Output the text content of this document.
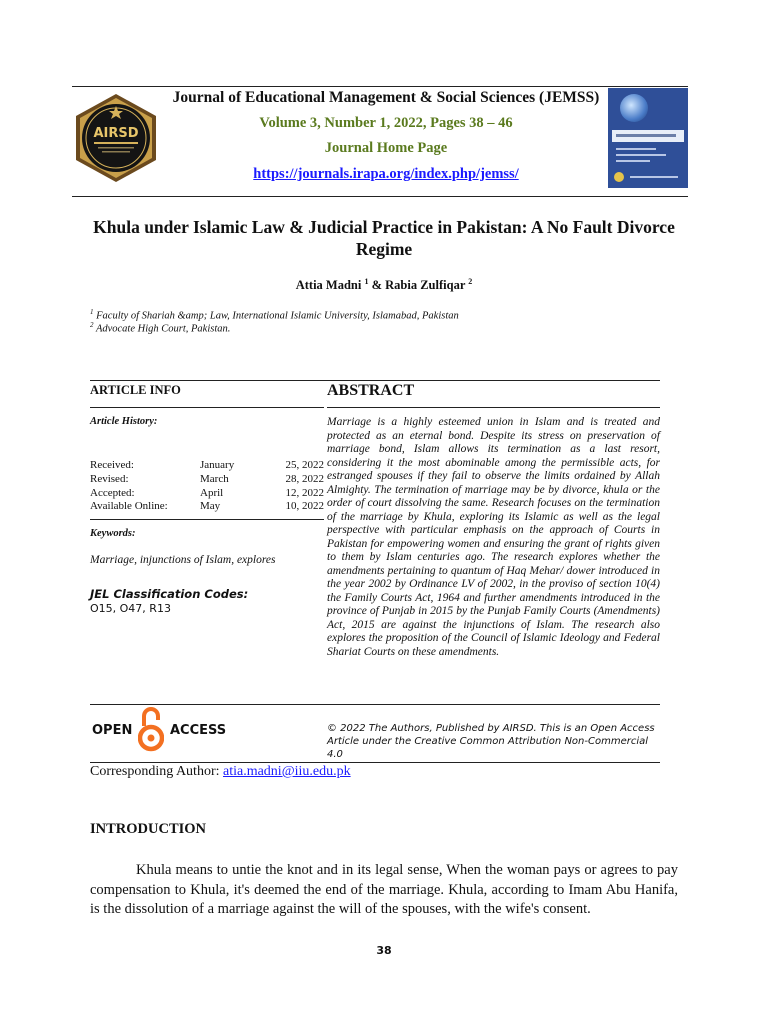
AIRSD
Journal of Educational Management & Social Sciences (JEMSS)
Volume 3, Number 1, 2022, Pages 38 – 46
Journal Home Page
https://journals.irapa.org/index.php/jemss/
Khula under Islamic Law & Judicial Practice in Pakistan: A No Fault Divorce Regime
Attia Madni $^1$ & Rabia Zulfiqar $^2$
$^1$ Faculty of Shariah &amp; Law, International Islamic University, Islamabad, Pakistan
$^2$ Advocate High Court, Pakistan.
ARTICLE INFO	ABSTRACT
Article History:
Received:	January	25, 2022
Revised:	March	28, 2022
Accepted:	April	12, 2022
Available Online:	May	10, 2022
Keywords:
Marriage, injunctions of Islam, explores
JEL Classification Codes:
O15, O47, R13
Marriage is a highly esteemed union in Islam and is treated and protected as an eternal bond. Despite its stress on preservation of marriage bond, Islam allows its termination as a last resort, considering it the most abominable among the permissible acts, for estranged spouses if they fail to observe the limits ordained by Allah Almighty. The termination of marriage may be by divorce, khula or the order of court dissolving the same. Research focuses on the termination of the marriage by Khula, exploring its Islamic as well as the legal perspective with particular emphasis on the approach of Courts in Pakistan for empowering women and ensuring the grant of rights given to them by Islam centuries ago. The research explores whether the amendments pertaining to quantum of Haq Mehar/ dower introduced in the year 2002 by Ordinance LV of 2002, in the proviso of section 10(4) the Family Courts Act, 1964 and further amendments introduced in the province of Punjab in 2015 by the Punjab Family Courts (Amendments) Act, 2015 are against the injunctions of Islam. The research also explores the proposition of the Council of Islamic Ideology and Federal Shariat Courts on these amendments.
OPEN	ACCESS	© 2022 The Authors, Published by AIRSD. This is an Open Access Article under the Creative Common Attribution Non-Commercial 4.0
Corresponding Author: atia.madni@iiu.edu.pk
INTRODUCTION
Khula means to untie the knot and in its legal sense, When the woman pays or agrees to pay compensation to Khula, it's deemed the end of the marriage. Khula, according to Imam Abu Hanifa, is the dissolution of a marriage against the will of the spouses, with the wife's consent.
38
